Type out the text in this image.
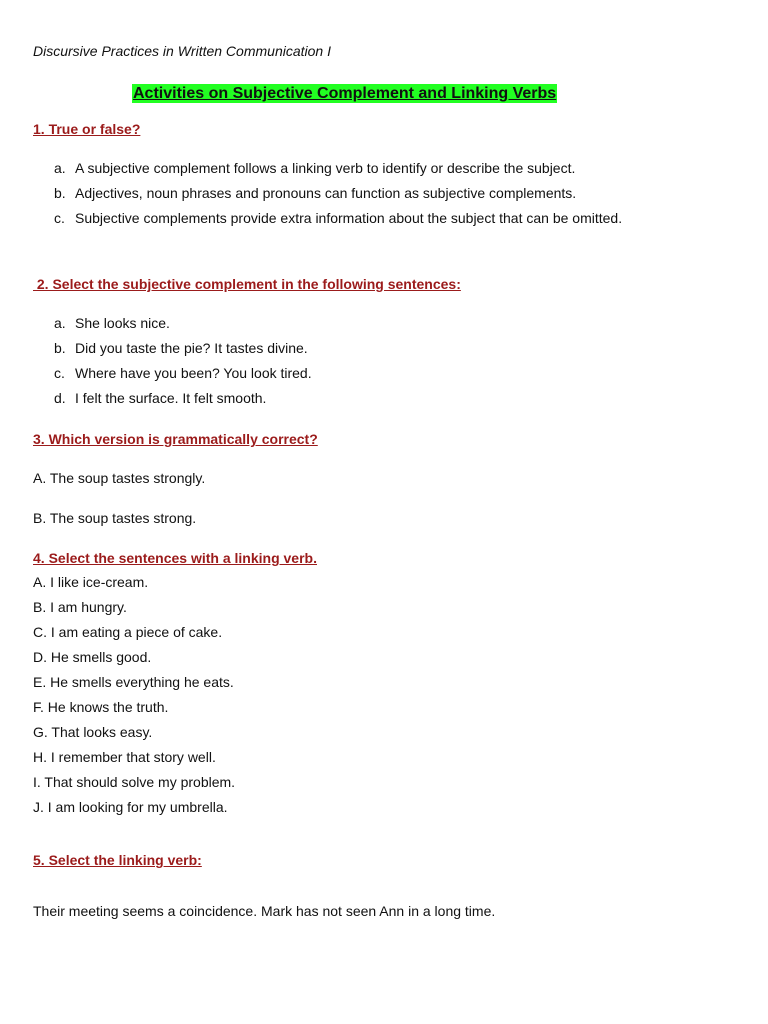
Discursive Practices in Written Communication I
Activities on Subjective Complement and Linking Verbs
1. True or false?
a. A subjective complement follows a linking verb to identify or describe the subject.
b. Adjectives, noun phrases and pronouns can function as subjective complements.
c. Subjective complements provide extra information about the subject that can be omitted.
2. Select the subjective complement in the following sentences:
a. She looks nice.
b. Did you taste the pie? It tastes divine.
c. Where have you been? You look tired.
d. I felt the surface. It felt smooth.
3. Which version is grammatically correct?
A. The soup tastes strongly.
B. The soup tastes strong.
4. Select the sentences with a linking verb.
A. I like ice-cream.
B. I am hungry.
C. I am eating a piece of cake.
D. He smells good.
E. He smells everything he eats.
F. He knows the truth.
G. That looks easy.
H. I remember that story well.
I. That should solve my problem.
J. I am looking for my umbrella.
5. Select the linking verb:
Their meeting seems a coincidence. Mark has not seen Ann in a long time.
